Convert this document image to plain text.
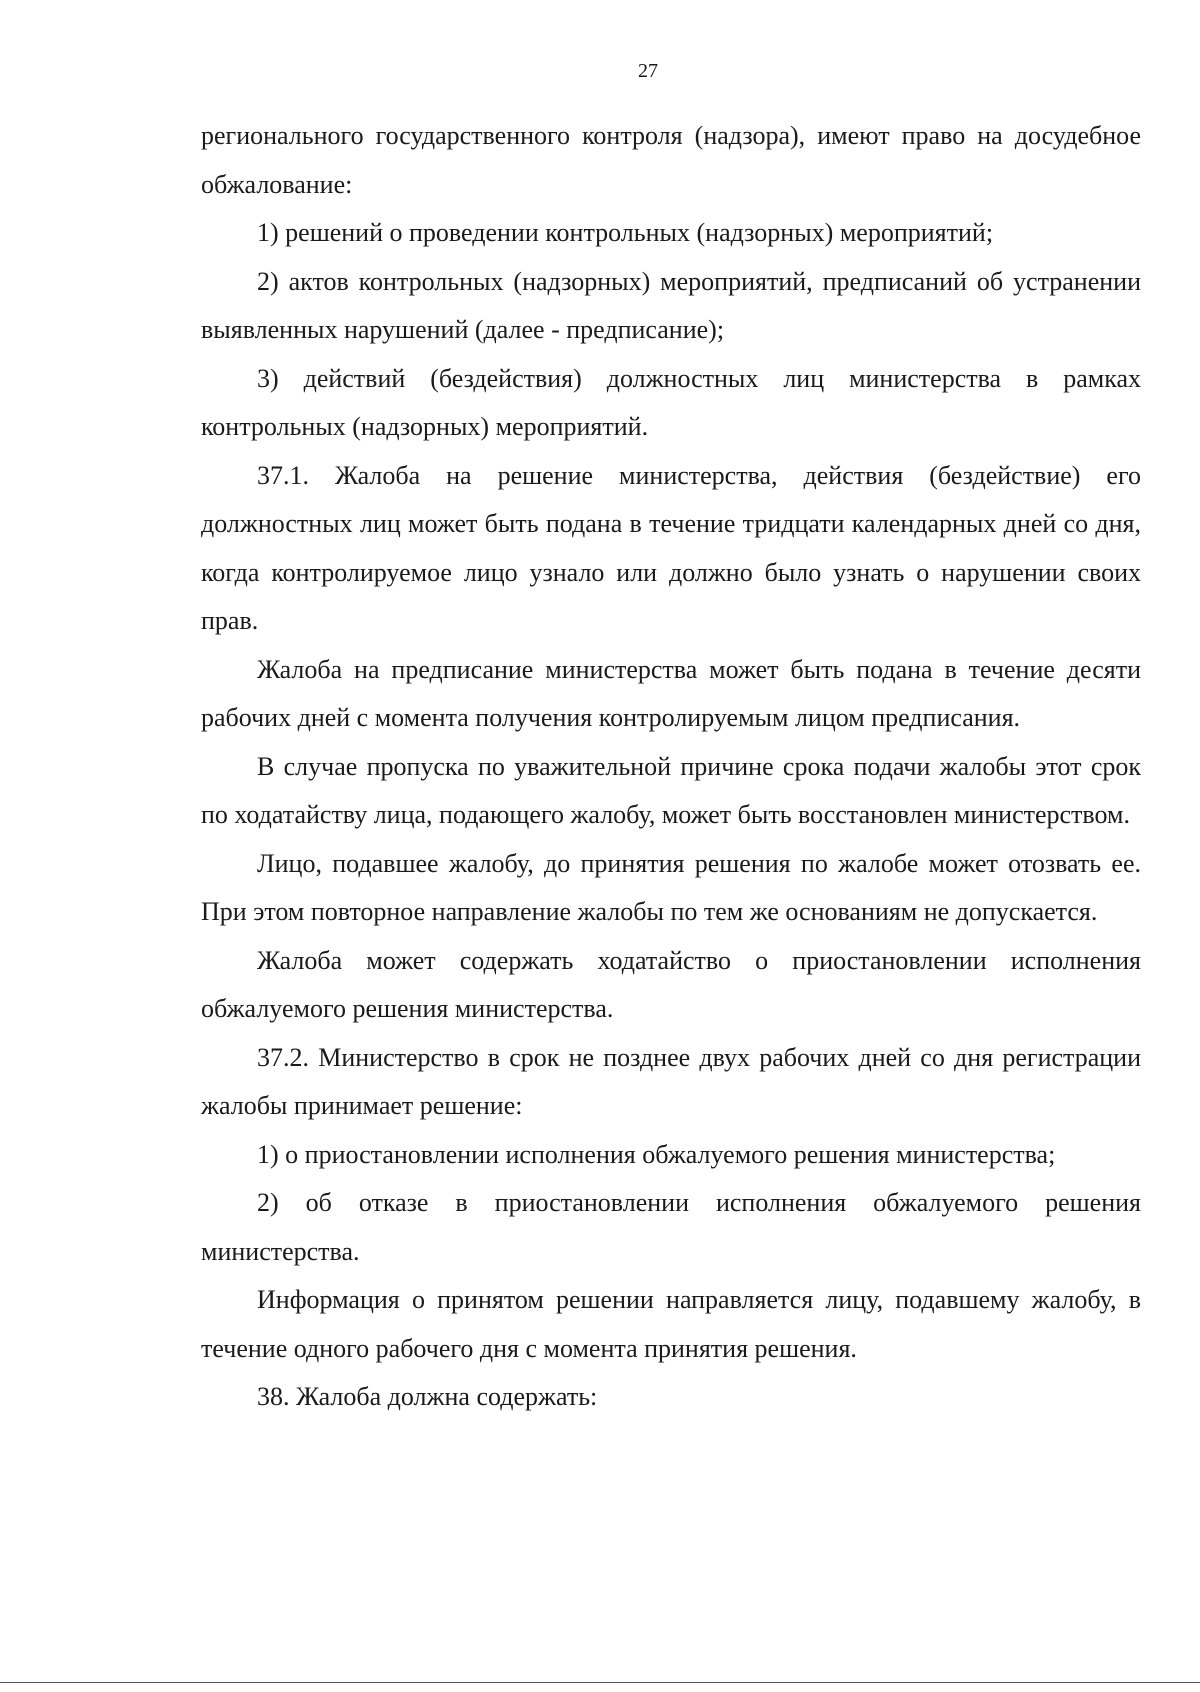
27

регионального государственного контроля (надзора), имеют право на досудебное обжалование:

1) решений о проведении контрольных (надзорных) мероприятий;

2) актов контрольных (надзорных) мероприятий, предписаний об устранении выявленных нарушений (далее - предписание);

3) действий (бездействия) должностных лиц министерства в рамках контрольных (надзорных) мероприятий.

37.1. Жалоба на решение министерства, действия (бездействие) его должностных лиц может быть подана в течение тридцати календарных дней со дня, когда контролируемое лицо узнало или должно было узнать о нарушении своих прав.

Жалоба на предписание министерства может быть подана в течение десяти рабочих дней с момента получения контролируемым лицом предписания.

В случае пропуска по уважительной причине срока подачи жалобы этот срок по ходатайству лица, подающего жалобу, может быть восстановлен министерством.

Лицо, подавшее жалобу, до принятия решения по жалобе может отозвать ее. При этом повторное направление жалобы по тем же основаниям не допускается.

Жалоба может содержать ходатайство о приостановлении исполнения обжалуемого решения министерства.

37.2. Министерство в срок не позднее двух рабочих дней со дня регистрации жалобы принимает решение:

1) о приостановлении исполнения обжалуемого решения министерства;

2) об отказе в приостановлении исполнения обжалуемого решения министерства.

Информация о принятом решении направляется лицу, подавшему жалобу, в течение одного рабочего дня с момента принятия решения.

38. Жалоба должна содержать:
